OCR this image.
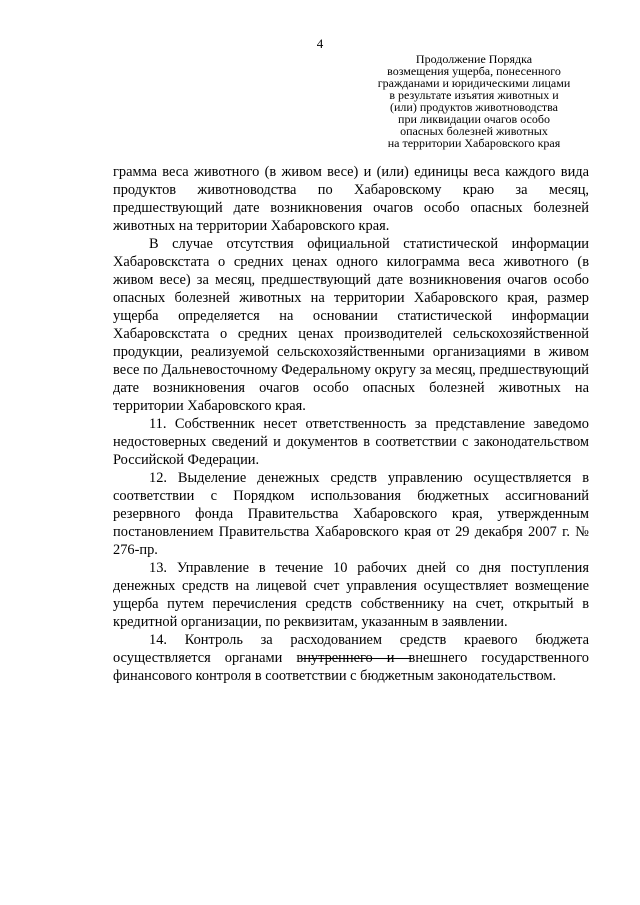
4
Продолжение Порядка
возмещения ущерба, понесенного
гражданами и юридическими лицами
в результате изъятия животных и
(или) продуктов животноводства
при ликвидации очагов особо
опасных болезней животных
на территории Хабаровского края

грамма веса животного (в живом весе) и (или) единицы веса каждого вида продуктов животноводства по Хабаровскому краю за месяц, предшествующий дате возникновения очагов особо опасных болезней животных на территории Хабаровского края.

В случае отсутствия официальной статистической информации Хабаровскстата о средних ценах одного килограмма веса животного (в живом весе) за месяц, предшествующий дате возникновения очагов особо опасных болезней животных на территории Хабаровского края, размер ущерба определяется на основании статистической информации Хабаровскстата о средних ценах производителей сельскохозяйственной продукции, реализуемой сельскохозяйственными организациями в живом весе по Дальневосточному Федеральному округу за месяц, предшествующий дате возникновения очагов особо опасных болезней животных на территории Хабаровского края.

11. Собственник несет ответственность за представление заведомо недостоверных сведений и документов в соответствии с законодательством Российской Федерации.

12. Выделение денежных средств управлению осуществляется в соответствии с Порядком использования бюджетных ассигнований резервного фонда Правительства Хабаровского края, утвержденным постановлением Правительства Хабаровского края от 29 декабря 2007 г. № 276-пр.

13. Управление в течение 10 рабочих дней со дня поступления денежных средств на лицевой счет управления осуществляет возмещение ущерба путем перечисления средств собственнику на счет, открытый в кредитной организации, по реквизитам, указанным в заявлении.

14. Контроль за расходованием средств краевого бюджета осуществляется органами внутреннего и внешнего государственного финансового контроля в соответствии с бюджетным законодательством.
